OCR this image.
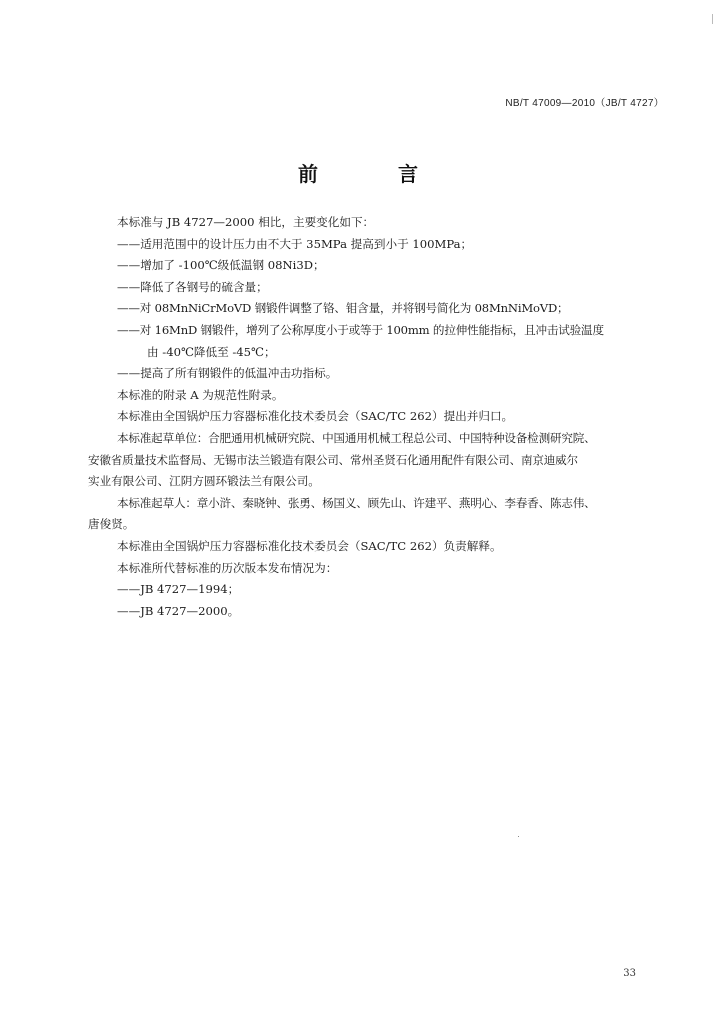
NB/T 47009—2010（JB/T 4727）
前　言
本标准与 JB 4727—2000 相比，主要变化如下：
——适用范围中的设计压力由不大于 35MPa 提高到小于 100MPa；
——增加了 -100℃级低温钢 08Ni3D；
——降低了各钢号的硫含量；
——对 08MnNiCrMoVD 钢锻件调整了铬、钼含量，并将钢号简化为 08MnNiMoVD；
——对 16MnD 钢锻件，增列了公称厚度小于或等于 100mm 的拉伸性能指标，且冲击试验温度
由 -40℃降低至 -45℃；
——提高了所有钢锻件的低温冲击功指标。
本标准的附录 A 为规范性附录。
本标准由全国锅炉压力容器标准化技术委员会（SAC/TC 262）提出并归口。
本标准起草单位：合肥通用机械研究院、中国通用机械工程总公司、中国特种设备检测研究院、
安徽省质量技术监督局、无锡市法兰锻造有限公司、常州圣贤石化通用配件有限公司、南京迪威尔
实业有限公司、江阴方圆环锻法兰有限公司。
本标准起草人：章小浒、秦晓钟、张勇、杨国义、顾先山、许建平、燕明心、李春香、陈志伟、
唐俊贤。
本标准由全国锅炉压力容器标准化技术委员会（SAC/TC 262）负责解释。
本标准所代替标准的历次版本发布情况为：
——JB 4727—1994；
——JB 4727—2000。
33
